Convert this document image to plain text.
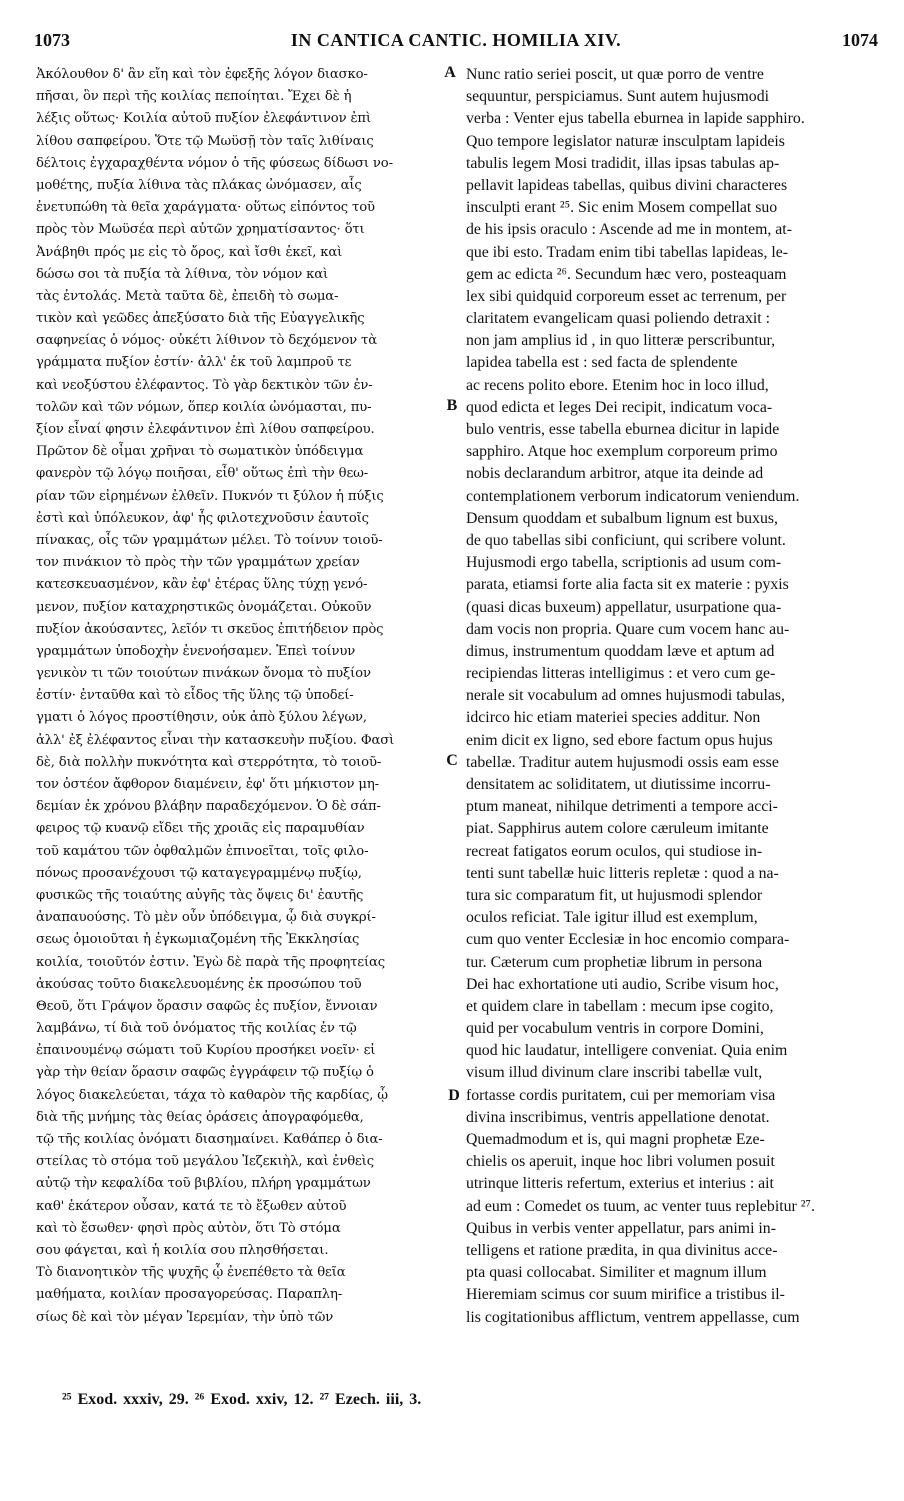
1073	IN CANTICA CANTIC. HOMILIA XIV.	1074
Ἀκόλουθον δ' ἂν εἴη καὶ τὸν ἐφεξῆς λόγον διασκο-
πῆσαι, ὃν περὶ τῆς κοιλίας πεποίηται. Ἔχει δὲ ἡ
λέξις οὕτως· Κοιλία αὐτοῦ πυξίον ἐλεφάντινον ἐπὶ
λίθου σαπφείρου. Ὅτε τῷ Μωϋσῇ τὸν ταῖς λιθίναις
δέλτοις ἐγχαραχθέντα νόμον ὁ τῆς φύσεως δίδωσι νο-
μοθέτης, πυξία λίθινα τὰς πλάκας ὠνόμασεν, αἷς
ἐνετυπώθη τὰ θεῖα χαράγματα· οὕτως εἰπόντος τοῦ
πρὸς τὸν Μωϋσέα περὶ αὐτῶν χρηματίσαντος· ὅτι
Ἀνάβηθι πρός με εἰς τὸ ὄρος, καὶ ἴσθι ἐκεῖ, καὶ
δώσω σοι τὰ πυξία τὰ λίθινα, τὸν νόμον καὶ
τὰς ἐντολάς. Μετὰ ταῦτα δὲ, ἐπειδὴ τὸ σωμα-
τικὸν καὶ γεῶδες ἀπεξύσατο διὰ τῆς Εὐαγγελικῆς
σαφηνείας ὁ νόμος· οὐκέτι λίθινον τὸ δεχόμενον τὰ
γράμματα πυξίον ἐστίν· ἀλλ' ἐκ τοῦ λαμπροῦ τε
καὶ νεοξύστου ἐλέφαντος. Τὸ γὰρ δεκτικὸν τῶν ἐν-
τολῶν καὶ τῶν νόμων, ὅπερ κοιλία ὠνόμασται, πυ-
ξίον εἶναί φησιν ἐλεφάντινον ἐπὶ λίθου σαπφείρου.
Πρῶτον δὲ οἶμαι χρῆναι τὸ σωματικὸν ὑπόδειγμα
φανερὸν τῷ λόγῳ ποιῆσαι, εἶθ' οὕτως ἐπὶ τὴν θεω-
ρίαν τῶν εἰρημένων ἐλθεῖν. Πυκνόν τι ξύλον ἡ πύξις
ἐστὶ καὶ ὑπόλευκον, ἀφ' ἧς φιλοτεχνοῦσιν ἑαυτοῖς
πίνακας, οἷς τῶν γραμμάτων μέλει. Τὸ τοίνυν τοιοῦ-
τον πινάκιον τὸ πρὸς τὴν τῶν γραμμάτων χρείαν
κατεσκευασμένον, κἂν ἐφ' ἑτέρας ὕλης τύχῃ γενό-
μενον, πυξίον καταχρηστικῶς ὀνομάζεται. Οὐκοῦν
πυξίον ἀκούσαντες, λεῖόν τι σκεῦος ἐπιτήδειον πρὸς
γραμμάτων ὑποδοχὴν ἐνενοήσαμεν. Ἐπεὶ τοίνυν
γενικὸν τι τῶν τοιούτων πινάκων ὄνομα τὸ πυξίον
ἐστίν· ἐνταῦθα καὶ τὸ εἶδος τῆς ὕλης τῷ ὑποδεί-
γματι ὁ λόγος προστίθησιν, οὐκ ἀπὸ ξύλου λέγων,
ἀλλ' ἐξ ἐλέφαντος εἶναι τὴν κατασκευὴν πυξίου. Φασὶ
δὲ, διὰ πολλὴν πυκνότητα καὶ στερρότητα, τὸ τοιοῦ-
τον ὀστέον ἄφθορον διαμένειν, ἐφ' ὅτι μήκιστον μη-
δεμίαν ἐκ χρόνου βλάβην παραδεχόμενον. Ὁ δὲ σάπ-
φειρος τῷ κυανῷ εἴδει τῆς χροιᾶς εἰς παραμυθίαν
τοῦ καμάτου τῶν ὀφθαλμῶν ἐπινοεῖται, τοῖς φιλο-
πόνως προσανέχουσι τῷ καταγεγραμμένῳ πυξίῳ,
φυσικῶς τῆς τοιαύτης αὐγῆς τὰς ὄψεις δι' ἑαυτῆς
ἀναπαυούσης. Τὸ μὲν οὖν ὑπόδειγμα, ᾧ διὰ συγκρί-
σεως ὁμοιοῦται ἡ ἐγκωμιαζομένη τῆς Ἐκκλησίας
κοιλία, τοιοῦτόν ἐστιν. Ἐγὼ δὲ παρὰ τῆς προφητείας
ἀκούσας τοῦτο διακελευομένης ἐκ προσώπου τοῦ
Θεοῦ, ὅτι Γράψον ὅρασιν σαφῶς ἐς πυξίον, ἔννοιαν
λαμβάνω, τί διὰ τοῦ ὀνόματος τῆς κοιλίας ἐν τῷ
ἐπαινουμένῳ σώματι τοῦ Κυρίου προσήκει νοεῖν· εἰ
γὰρ τὴν θείαν ὅρασιν σαφῶς ἐγγράφειν τῷ πυξίῳ ὁ
λόγος διακελεύεται, τάχα τὸ καθαρὸν τῆς καρδίας, ᾧ
διὰ τῆς μνήμης τὰς θείας ὁράσεις ἀπογραφόμεθα,
τῷ τῆς κοιλίας ὀνόματι διασημαίνει. Καθάπερ ὁ δια-
στείλας τὸ στόμα τοῦ μεγάλου Ἰεζεκιὴλ, καὶ ἐνθεὶς
αὐτῷ τὴν κεφαλίδα τοῦ βιβλίου, πλήρη γραμμάτων
καθ' ἑκάτερον οὖσαν, κατά τε τὸ ἔξωθεν αὐτοῦ
καὶ τὸ ἔσωθεν· φησὶ πρὸς αὐτὸν, ὅτι Τὸ στόμα
σου φάγεται, καὶ ἡ κοιλία σου πλησθήσεται.
Τὸ διανοητικὸν τῆς ψυχῆς ᾧ ἐνεπέθετο τὰ θεῖα
μαθήματα, κοιλίαν προσαγορεύσας. Παραπλη-
σίως δὲ καὶ τὸν μέγαν Ἱερεμίαν, τὴν ὑπὸ τῶν
Nunc ratio seriei poscit, ut quæ porro de ventre
sequuntur, perspiciamus. Sunt autem hujusmodi
verba : Venter ejus tabella eburnea in lapide sapphiro.
Quo tempore legislator naturæ insculptam lapideis
tabulis legem Mosi tradidit, illas ipsas tabulas ap-
pellavit lapideas tabellas, quibus divini characteres
insculpti erant ²⁵. Sic enim Mosem compellat suo
de his ipsis oraculo : Ascende ad me in montem, at-
que ibi esto. Tradam enim tibi tabellas lapideas, le-
gem ac edicta ²⁶. Secundum hæc vero, posteaquam
lex sibi quidquid corporeum esset ac terrenum, per
claritatem evangelicam quasi poliendo detraxit :
non jam amplius id , in quo litteræ perscribuntur,
lapidea tabella est : sed facta de splendente
ac recens polito ebore. Etenim hoc in loco illud,
quod edicta et leges Dei recipit, indicatum voca-
bulo ventris, esse tabella eburnea dicitur in lapide
sapphiro. Atque hoc exemplum corporeum primo
nobis declarandum arbitror, atque ita deinde ad
contemplationem verborum indicatorum veniendum.
Densum quoddam et subalbum lignum est buxus,
de quo tabellas sibi conficiunt, qui scribere volunt.
Hujusmodi ergo tabella, scriptionis ad usum com-
parata, etiamsi forte alia facta sit ex materie : pyxis
(quasi dicas buxeum) appellatur, usurpatione qua-
dam vocis non propria. Quare cum vocem hanc au-
dimus, instrumentum quoddam læve et aptum ad
recipiendas litteras intelligimus : et vero cum ge-
nerale sit vocabulum ad omnes hujusmodi tabulas,
idcirco hic etiam materiei species additur. Non
enim dicit ex ligno, sed ebore factum opus hujus
tabellæ. Traditur autem hujusmodi ossis eam esse
densitatem ac soliditatem, ut diutissime incorru-
ptum maneat, nihilque detrimenti a tempore acci-
piat. Sapphirus autem colore cæruleum imitante
recreat fatigatos eorum oculos, qui studiose in-
tenti sunt tabellæ huic litteris repletæ : quod a na-
tura sic comparatum fit, ut hujusmodi splendor
oculos reficiat. Tale igitur illud est exemplum,
cum quo venter Ecclesiæ in hoc encomio compara-
tur. Cæterum cum prophetiæ librum in persona
Dei hac exhortatione uti audio, Scribe visum hoc,
et quidem clare in tabellam : mecum ipse cogito,
quid per vocabulum ventris in corpore Domini,
quod hic laudatur, intelligere conveniat. Quia enim
visum illud divinum clare inscribi tabellæ vult,
fortasse cordis puritatem, cui per memoriam visa
divina inscribimus, ventris appellatione denotat.
Quemadmodum et is, qui magni prophetæ Eze-
chielis os aperuit, inque hoc libri volumen posuit
utrinque litteris refertum, exterius et interius : ait
ad eum : Comedet os tuum, ac venter tuus replebitur ²⁷.
Quibus in verbis venter appellatur, pars animi in-
telligens et ratione prædita, in qua divinitus acce-
pta quasi collocabat. Similiter et magnum illum
Hieremiam scimus cor suum mirifice a tristibus il-
lis cogitationibus afflictum, ventrem appellasse, cum
A
B
C
D
²⁵ Exod. xxxiv, 29. ²⁶ Exod. xxiv, 12. ²⁷ Ezech. iii, 3.
